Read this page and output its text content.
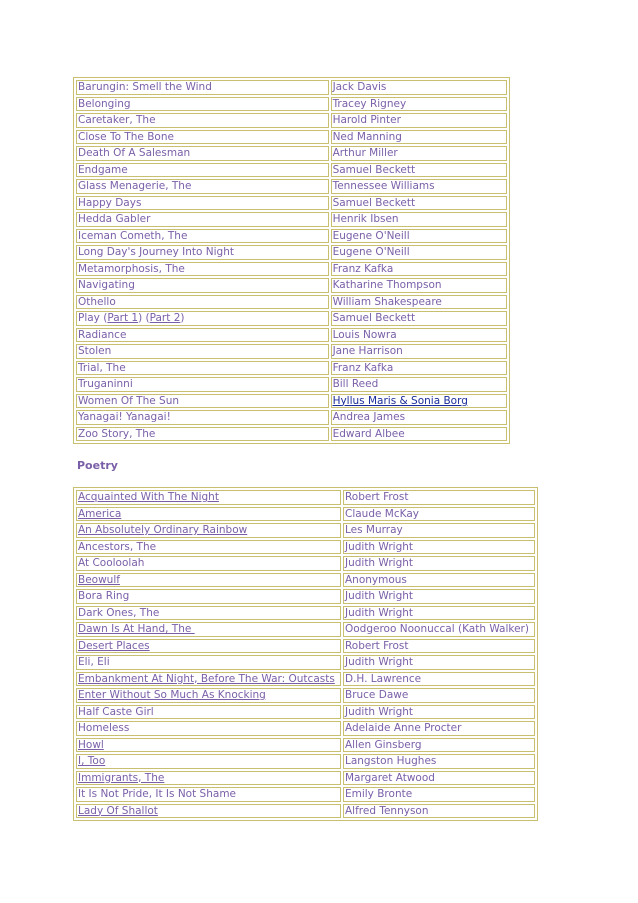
Barungin: Smell the Wind	Jack Davis
Belonging	Tracey Rigney
Caretaker, The	Harold Pinter
Close To The Bone	Ned Manning
Death Of A Salesman	Arthur Miller
Endgame	Samuel Beckett
Glass Menagerie, The	Tennessee Williams
Happy Days	Samuel Beckett
Hedda Gabler	Henrik Ibsen
Iceman Cometh, The	Eugene O'Neill
Long Day's Journey Into Night	Eugene O'Neill
Metamorphosis, The	Franz Kafka
Navigating	Katharine Thompson
Othello	William Shakespeare
Play (Part 1) (Part 2)	Samuel Beckett
Radiance	Louis Nowra
Stolen	Jane Harrison
Trial, The	Franz Kafka
Truganinni	Bill Reed
Women Of The Sun	Hyllus Maris & Sonia Borg
Yanagai! Yanagai!	Andrea James
Zoo Story, The	Edward Albee
Poetry
Acquainted With The Night	Robert Frost
America	Claude McKay
An Absolutely Ordinary Rainbow	Les Murray
Ancestors, The	Judith Wright
At Cooloolah	Judith Wright
Beowulf	Anonymous
Bora Ring	Judith Wright
Dark Ones, The	Judith Wright
Dawn Is At Hand, The	Oodgeroo Noonuccal (Kath Walker)
Desert Places	Robert Frost
Eli, Eli	Judith Wright
Embankment At Night, Before The War: Outcasts	D.H. Lawrence
Enter Without So Much As Knocking	Bruce Dawe
Half Caste Girl	Judith Wright
Homeless	Adelaide Anne Procter
Howl	Allen Ginsberg
I, Too	Langston Hughes
Immigrants, The	Margaret Atwood
It Is Not Pride, It Is Not Shame	Emily Bronte
Lady Of Shallot	Alfred Tennyson
